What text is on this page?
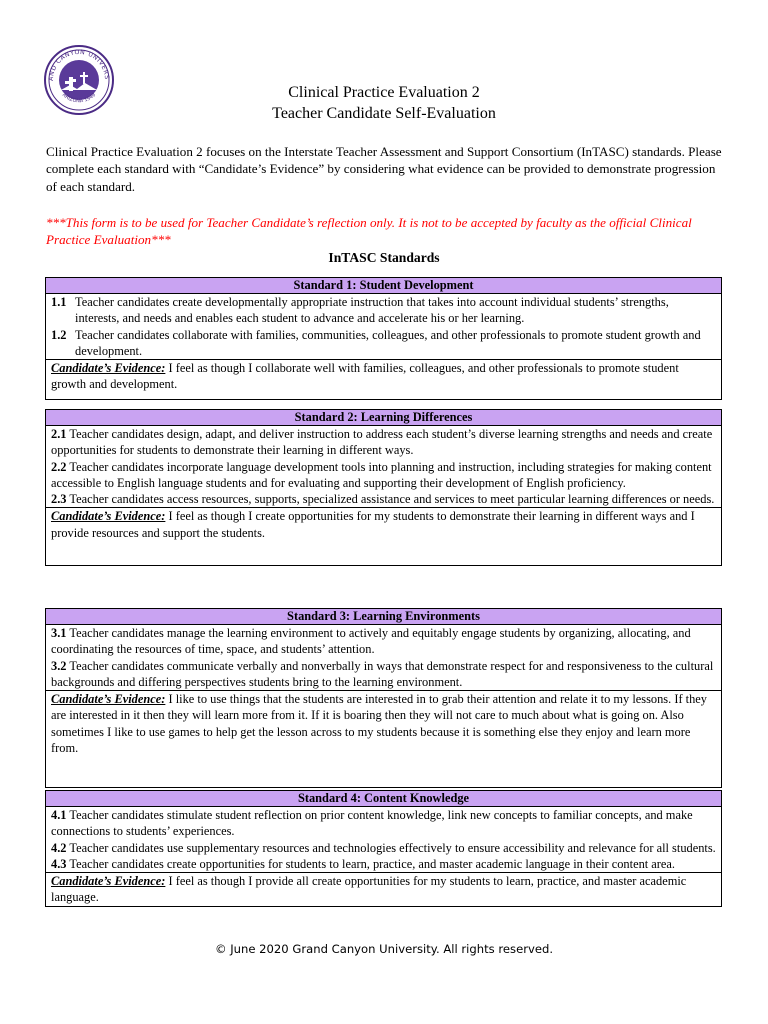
AND CANYON UNIVERS
ARIZONA 1949	Clinical Practice Evaluation 2
Teacher Candidate Self-Evaluation
Clinical Practice Evaluation 2 focuses on the Interstate Teacher Assessment and Support Consortium (InTASC) standards. Please complete each standard with “Candidate’s Evidence” by considering what evidence can be provided to demonstrate progression of each standard.
***This form is to be used for Teacher Candidate’s reflection only. It is not to be accepted by faculty as the official Clinical Practice Evaluation***
InTASC Standards
Standard 1: Student Development

1.1 Teacher candidates create developmentally appropriate instruction that takes into account individual students’ strengths, interests, and needs and enables each student to advance and accelerate his or her learning.
1.2 Teacher candidates collaborate with families, communities, colleagues, and other professionals to promote student growth and development.

Candidate’s Evidence: I feel as though I collaborate well with families, colleagues, and other professionals to promote student growth and development.
Standard 2: Learning Differences

2.1 Teacher candidates design, adapt, and deliver instruction to address each student’s diverse learning strengths and needs and create opportunities for students to demonstrate their learning in different ways.
2.2 Teacher candidates incorporate language development tools into planning and instruction, including strategies for making content accessible to English language students and for evaluating and supporting their development of English proficiency.
2.3 Teacher candidates access resources, supports, specialized assistance and services to meet particular learning differences or needs.

Candidate’s Evidence: I feel as though I create opportunities for my students to demonstrate their learning in different ways and I provide resources and support the students.
Standard 3: Learning Environments

3.1 Teacher candidates manage the learning environment to actively and equitably engage students by organizing, allocating, and coordinating the resources of time, space, and students’ attention.
3.2 Teacher candidates communicate verbally and nonverbally in ways that demonstrate respect for and responsiveness to the cultural backgrounds and differing perspectives students bring to the learning environment.

Candidate’s Evidence: I like to use things that the students are interested in to grab their attention and relate it to my lessons. If they are interested in it then they will learn more from it. If it is boaring then they will not care to much about what is going on. Also sometimes I like to use games to help get the lesson across to my students because it is something else they enjoy and learn more from.
Standard 4: Content Knowledge

4.1 Teacher candidates stimulate student reflection on prior content knowledge, link new concepts to familiar concepts, and make connections to students’ experiences.
4.2 Teacher candidates use supplementary resources and technologies effectively to ensure accessibility and relevance for all students.
4.3 Teacher candidates create opportunities for students to learn, practice, and master academic language in their content area.

Candidate’s Evidence: I feel as though I provide all create opportunities for my students to learn, practice, and master academic language.
© June 2020 Grand Canyon University. All rights reserved.
